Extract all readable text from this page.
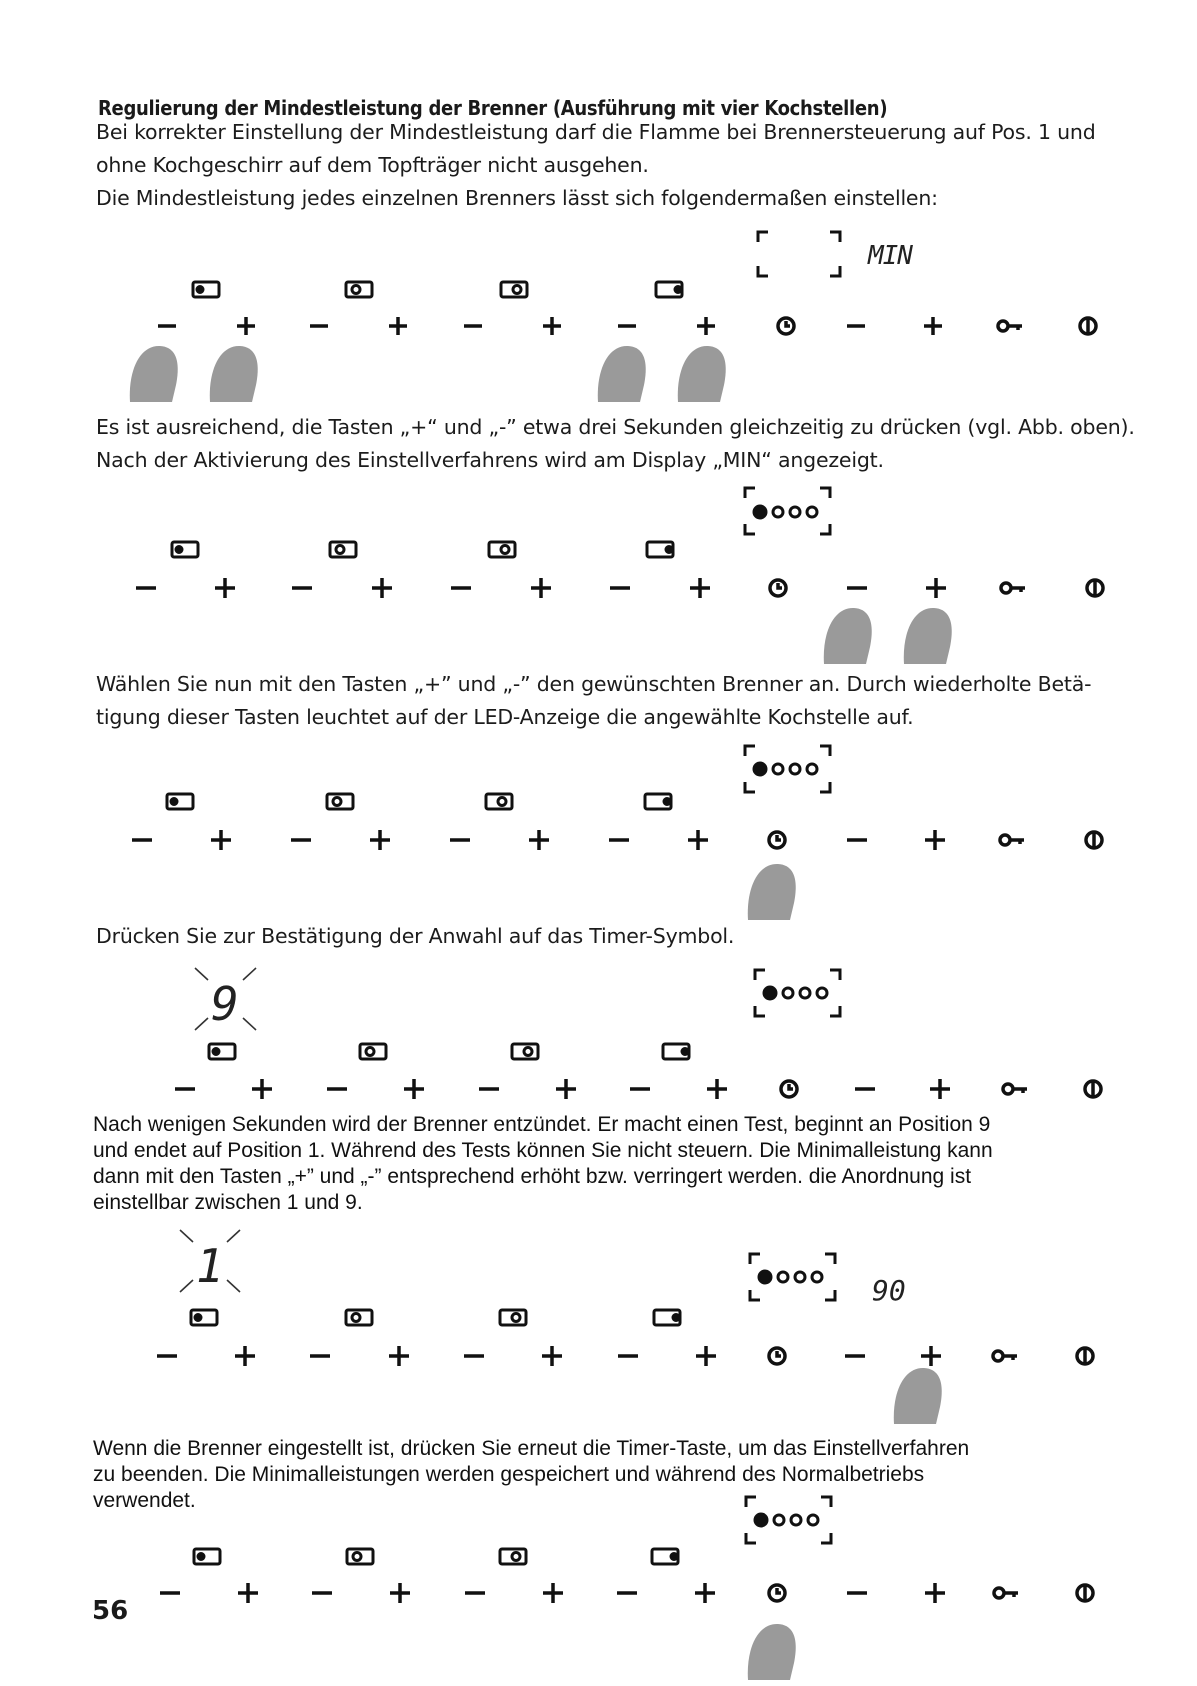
Regulierung der Mindestleistung der Brenner (Ausführung mit vier Kochstellen)

Bei korrekter Einstellung der Mindestleistung darf die Flamme bei Brennersteuerung auf Pos. 1 und

ohne Kochgeschirr auf dem Topfträger nicht ausgehen.

Die Mindestleistung jedes einzelnen Brenners lässt sich folgendermaßen einstellen:

MIN

Es ist ausreichend, die Tasten „+“ und „-” etwa drei Sekunden gleichzeitig zu drücken (vgl. Abb. oben).

Nach der Aktivierung des Einstellverfahrens wird am Display „MIN“ angezeigt.

Wählen Sie nun mit den Tasten „+” und „-” den gewünschten Brenner an. Durch wiederholte Betä-

tigung dieser Tasten leuchtet auf der LED-Anzeige die angewählte Kochstelle auf.

Drücken Sie zur Bestätigung der Anwahl auf das Timer-Symbol.

9

Nach wenigen Sekunden wird der Brenner entzündet. Er macht einen Test, beginnt an Position 9

und endet auf Position 1. Während des Tests können Sie nicht steuern. Die Minimalleistung kann

dann mit den Tasten „+” und „-” entsprechend erhöht bzw. verringert werden. die Anordnung ist

einstellbar zwischen 1 und 9.

1	90

Wenn die Brenner eingestellt ist, drücken Sie erneut die Timer-Taste, um das Einstellverfahren

zu beenden. Die Minimalleistungen werden gespeichert und während des Normalbetriebs

verwendet.

56
